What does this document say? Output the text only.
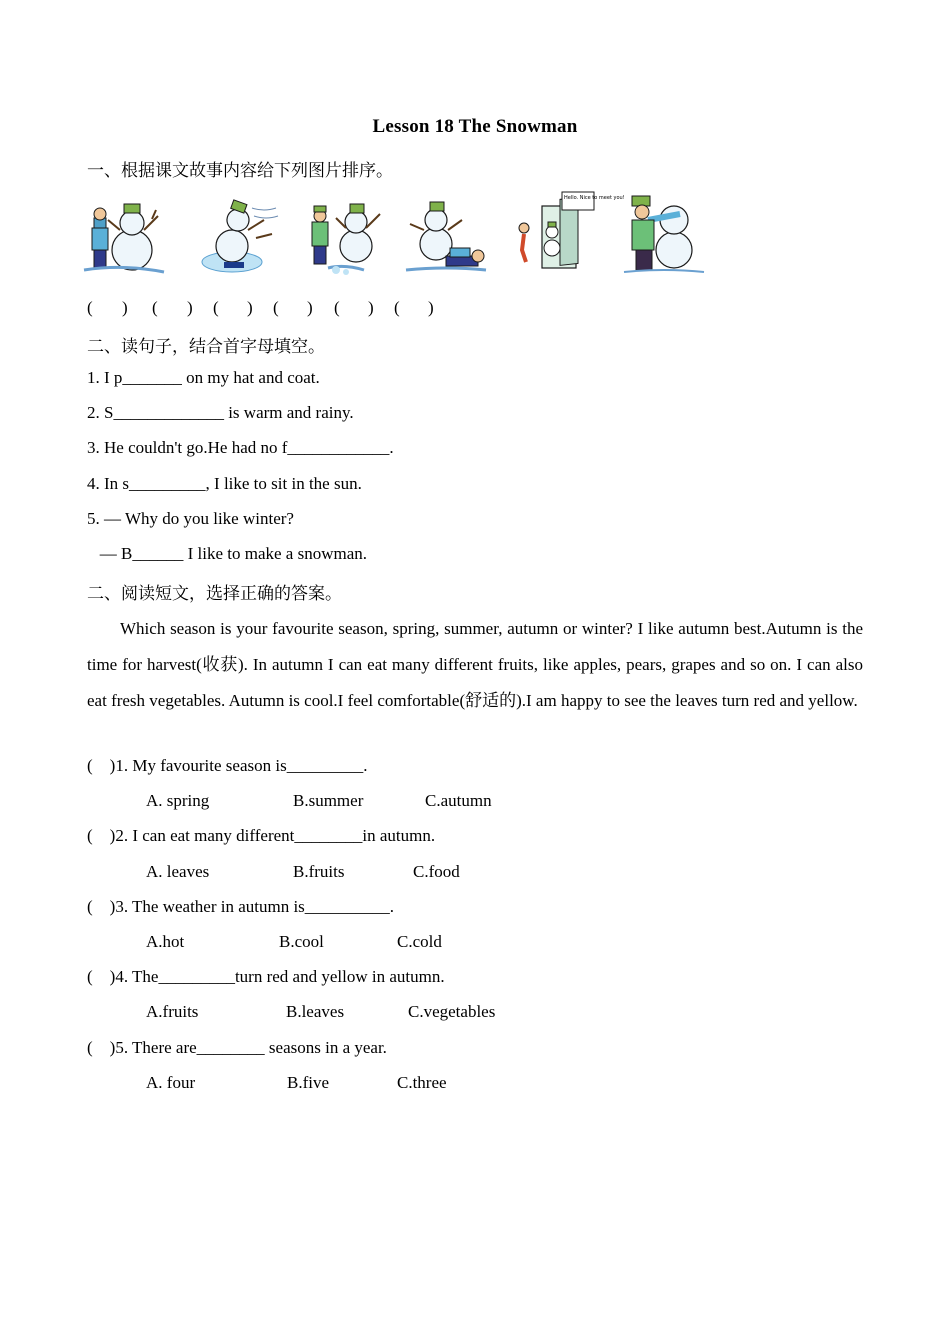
Lesson 18 The Snowman
一、根据课文故事内容给下列图片排序。
Hello. Nice to meet you!
( ) ( ) ( ) ( ) ( ) ( )
二、读句子，结合首字母填空。
1. I p_______ on my hat and coat.
2. S_____________ is warm and rainy.
3. He couldn't go.He had no f____________.
4. In s_________, I like to sit in the sun.
5. — Why do you like winter?
— B______ I like to make a snowman.
二、阅读短文，选择正确的答案。
Which season is your favourite season, spring, summer, autumn or winter? I like autumn best.Autumn is the time for harvest(收获). In autumn I can eat many different fruits, like apples, pears, grapes and so on. I can also eat fresh vegetables. Autumn is cool.I feel comfortable(舒适的).I am happy to see the leaves turn red and yellow.
(    )1. My favourite season is_________.
A. spring	B.summer	C.autumn
(    )2. I can eat many different________in autumn.
A. leaves	B.fruits	C.food
(    )3. The weather in autumn is__________.
A.hot	B.cool	C.cold
(    )4. The_________turn red and yellow in autumn.
A.fruits	B.leaves	C.vegetables
(    )5. There are________ seasons in a year.
A. four	B.five	C.three
